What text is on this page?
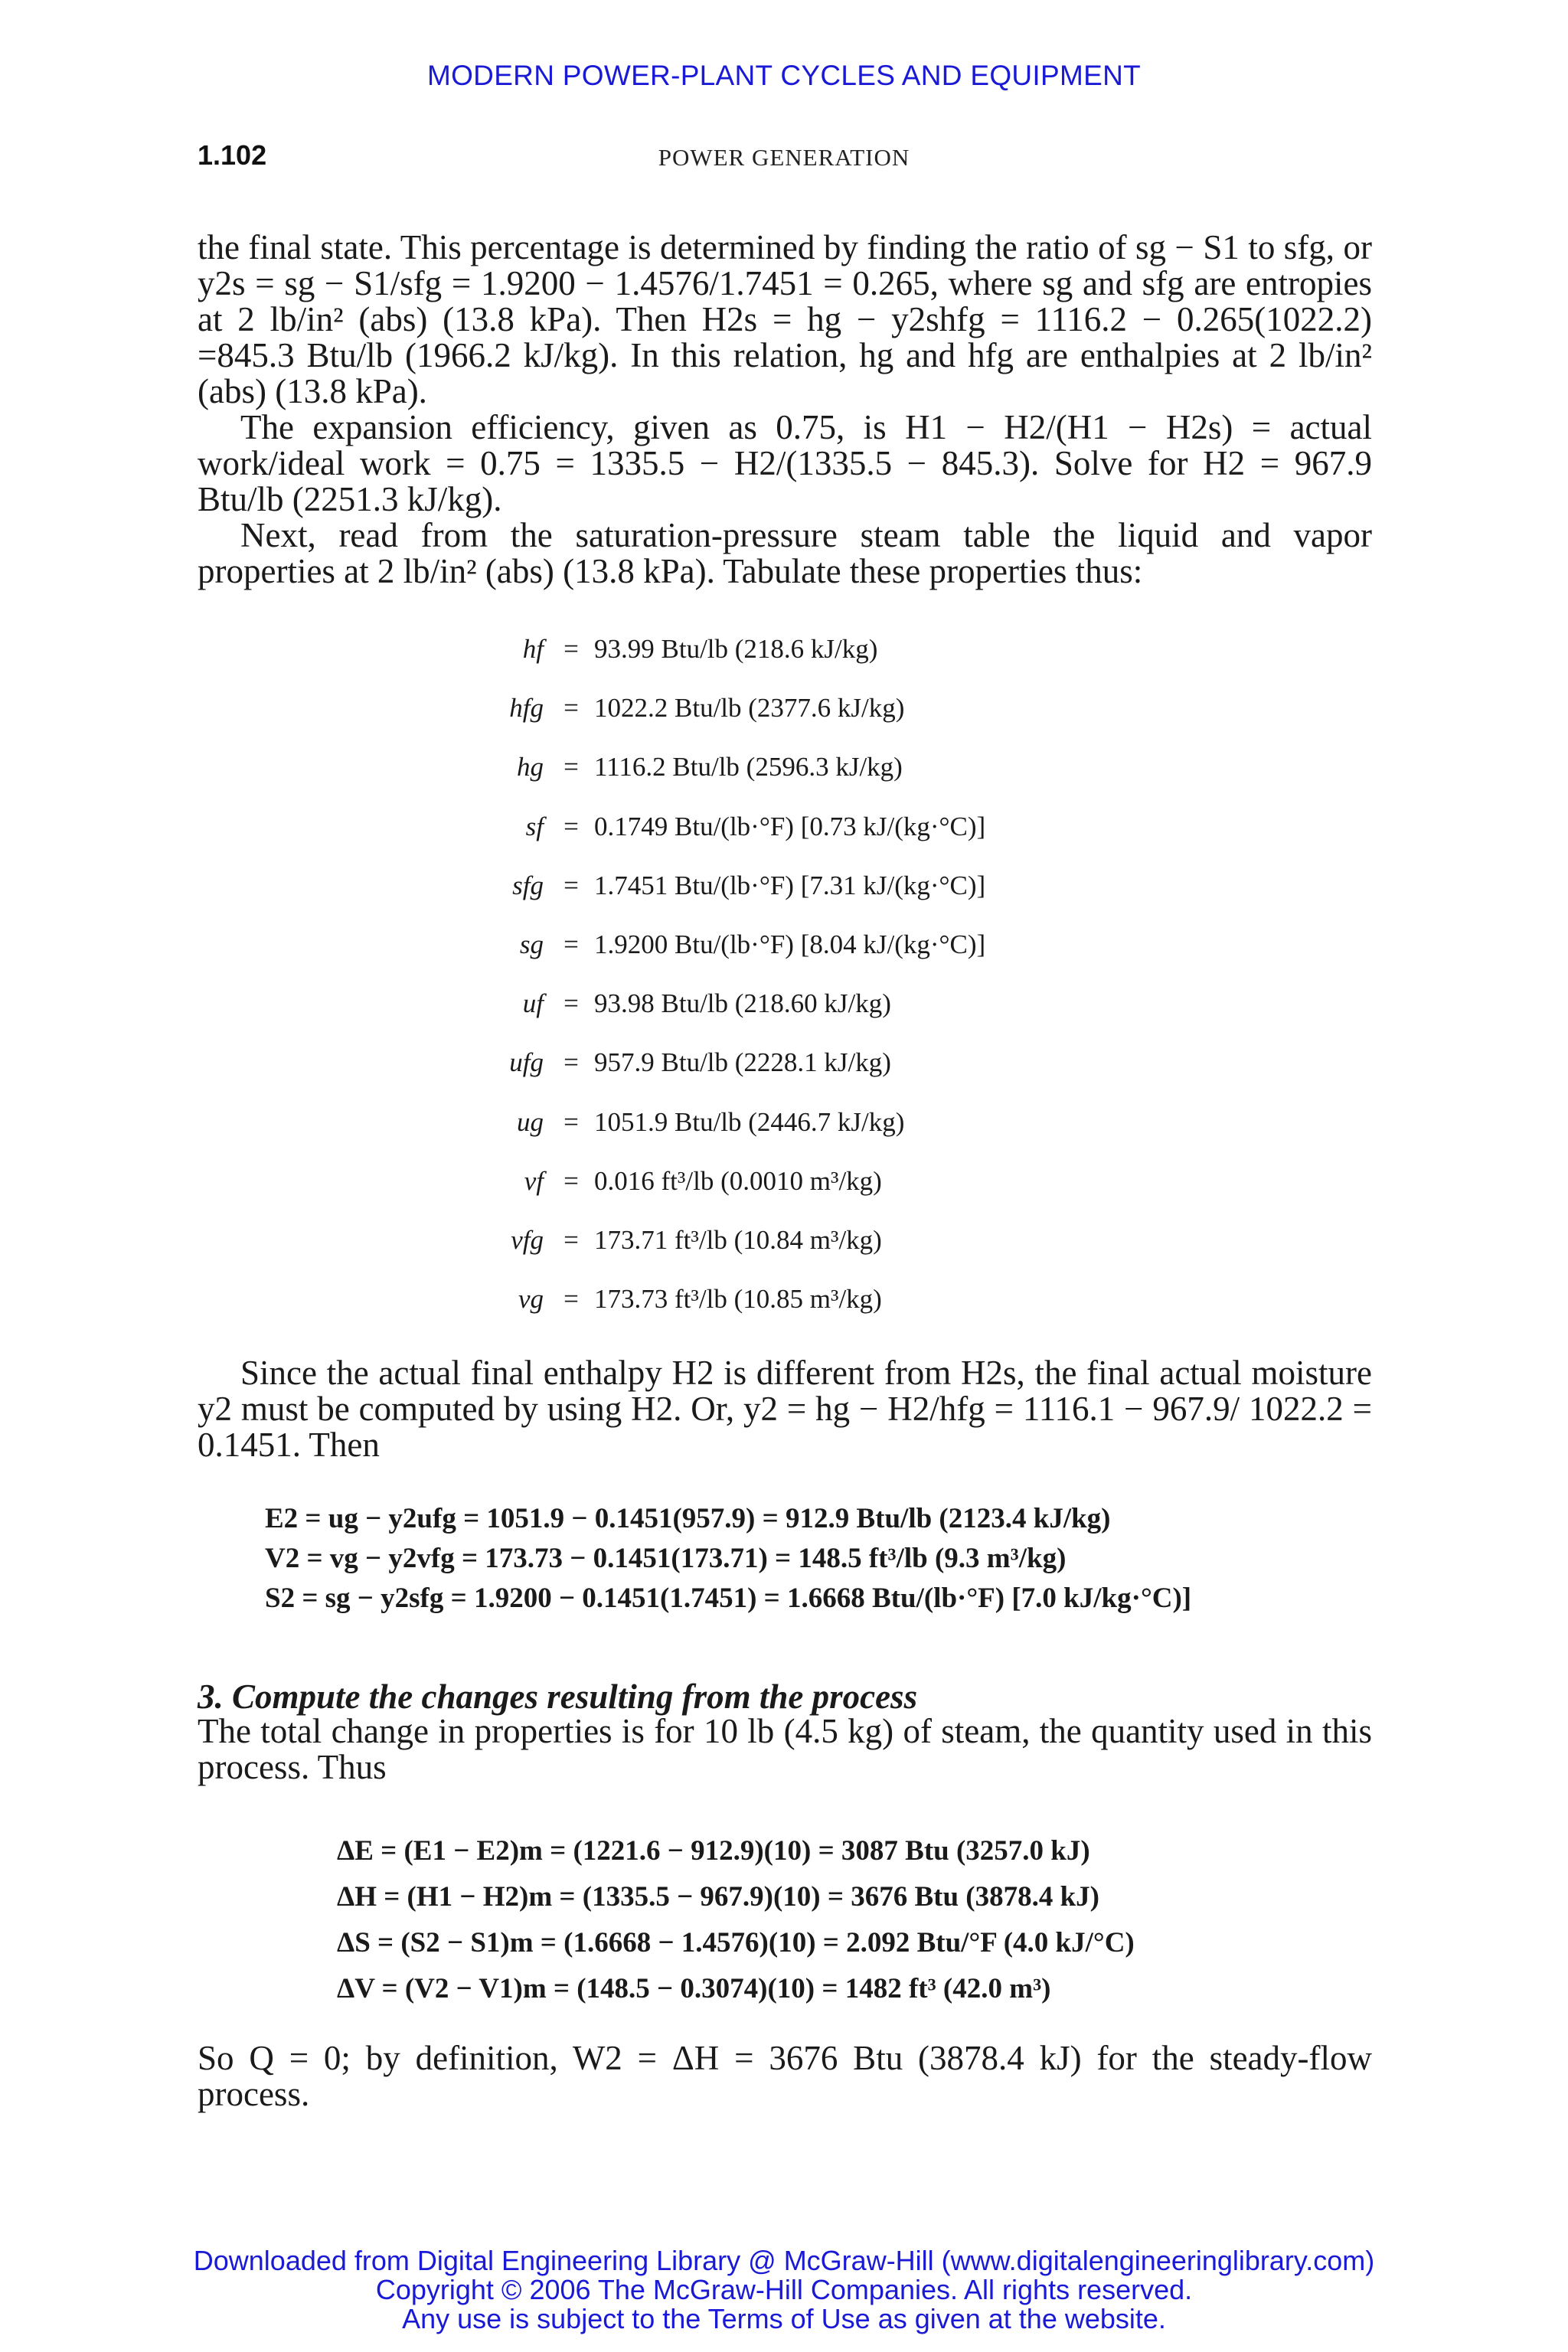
MODERN POWER-PLANT CYCLES AND EQUIPMENT
1.102	POWER GENERATION

the final state. This percentage is determined by finding the ratio of sg − S1 to sfg, or y2s = sg − S1/sfg = 1.9200 − 1.4576/1.7451 = 0.265, where sg and sfg are entropies at 2 lb/in² (abs) (13.8 kPa). Then H2s = hg − y2shfg = 1116.2 − 0.265(1022.2) =845.3 Btu/lb (1966.2 kJ/kg). In this relation, hg and hfg are enthalpies at 2 lb/in² (abs) (13.8 kPa).

The expansion efficiency, given as 0.75, is H1 − H2/(H1 − H2s) = actual work/ideal work = 0.75 = 1335.5 − H2/(1335.5 − 845.3). Solve for H2 = 967.9 Btu/lb (2251.3 kJ/kg).

Next, read from the saturation-pressure steam table the liquid and vapor properties at 2 lb/in² (abs) (13.8 kPa). Tabulate these properties thus:

hf = 93.99 Btu/lb (218.6 kJ/kg)
hfg = 1022.2 Btu/lb (2377.6 kJ/kg)
hg = 1116.2 Btu/lb (2596.3 kJ/kg)
sf = 0.1749 Btu/(lb·°F) [0.73 kJ/(kg·°C)]
sfg = 1.7451 Btu/(lb·°F) [7.31 kJ/(kg·°C)]
sg = 1.9200 Btu/(lb·°F) [8.04 kJ/(kg·°C)]
uf = 93.98 Btu/lb (218.60 kJ/kg)
ufg = 957.9 Btu/lb (2228.1 kJ/kg)
ug = 1051.9 Btu/lb (2446.7 kJ/kg)
vf = 0.016 ft³/lb (0.0010 m³/kg)
vfg = 173.71 ft³/lb (10.84 m³/kg)
vg = 173.73 ft³/lb (10.85 m³/kg)

Since the actual final enthalpy H2 is different from H2s, the final actual moisture y2 must be computed by using H2. Or, y2 = hg − H2/hfg = 1116.1 − 967.9/ 1022.2 = 0.1451. Then

E2 = ug − y2ufg = 1051.9 − 0.1451(957.9) = 912.9 Btu/lb (2123.4 kJ/kg)
V2 = vg − y2vfg = 173.73 − 0.1451(173.71) = 148.5 ft³/lb (9.3 m³/kg)
S2 = sg − y2sfg = 1.9200 − 0.1451(1.7451) = 1.6668 Btu/(lb·°F) [7.0 kJ/kg·°C)]
3. Compute the changes resulting from the process

The total change in properties is for 10 lb (4.5 kg) of steam, the quantity used in this process. Thus

ΔE = (E1 − E2)m = (1221.6 − 912.9)(10) = 3087 Btu (3257.0 kJ)
ΔH = (H1 − H2)m = (1335.5 − 967.9)(10) = 3676 Btu (3878.4 kJ)
ΔS = (S2 − S1)m = (1.6668 − 1.4576)(10) = 2.092 Btu/°F (4.0 kJ/°C)
ΔV = (V2 − V1)m = (148.5 − 0.3074)(10) = 1482 ft³ (42.0 m³)

So Q = 0; by definition, W2 = ΔH = 3676 Btu (3878.4 kJ) for the steady-flow process.

Downloaded from Digital Engineering Library @ McGraw-Hill (www.digitalengineeringlibrary.com)
Copyright © 2006 The McGraw-Hill Companies. All rights reserved.
Any use is subject to the Terms of Use as given at the website.
